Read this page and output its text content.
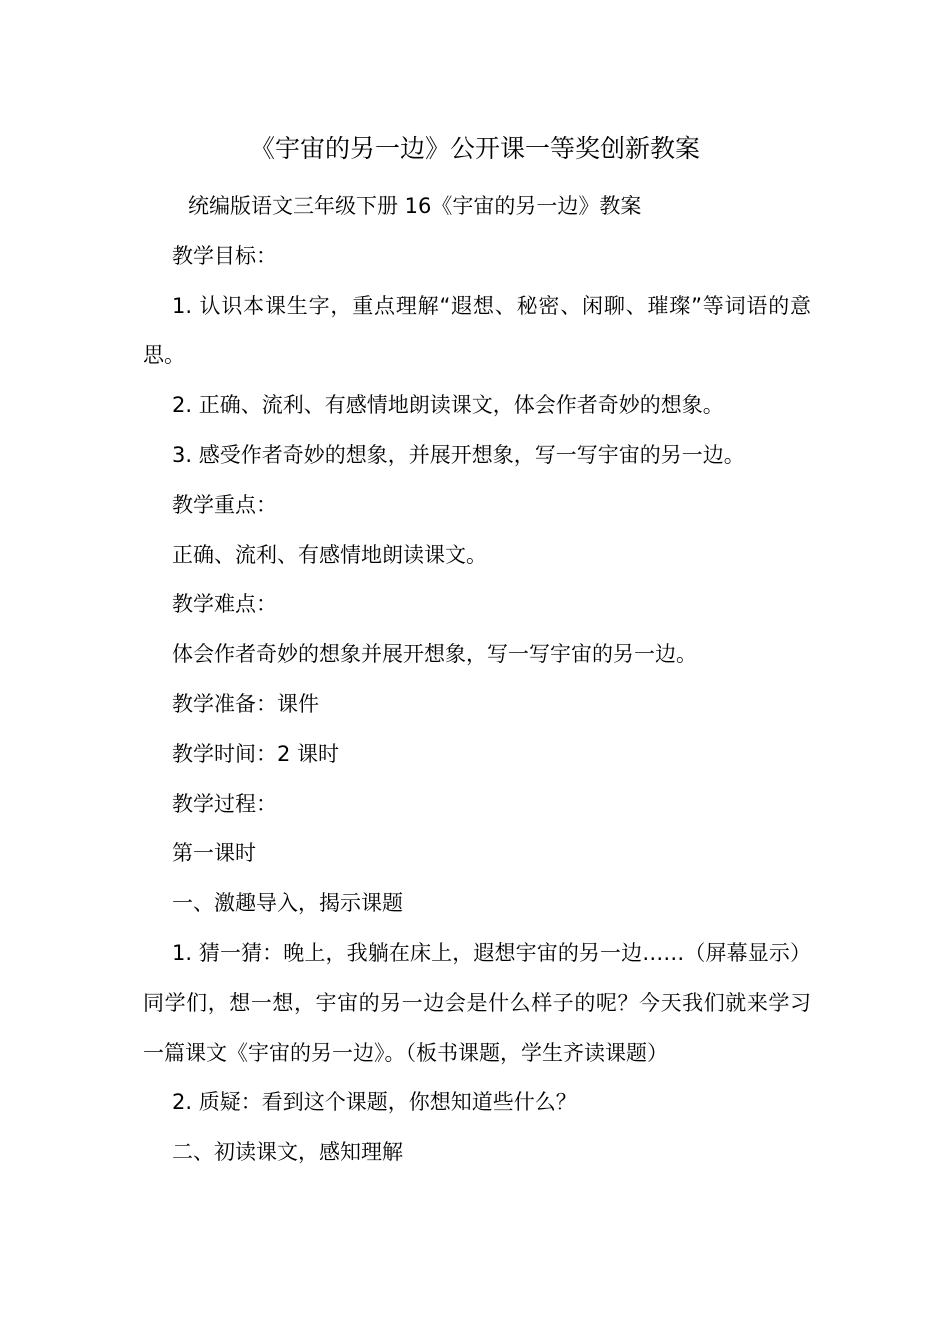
《宇宙的另一边》公开课一等奖创新教案

统编版语文三年级下册 16《宇宙的另一边》教案

教学目标：

1. 认识本课生字，重点理解“遐想、秘密、闲聊、璀璨”等词语的意思。

2. 正确、流利、有感情地朗读课文，体会作者奇妙的想象。

3. 感受作者奇妙的想象，并展开想象，写一写宇宙的另一边。

教学重点：

正确、流利、有感情地朗读课文。

教学难点：

体会作者奇妙的想象并展开想象，写一写宇宙的另一边。

教学准备：课件

教学时间：2 课时

教学过程：

第一课时

一、激趣导入，揭示课题

1. 猜一猜：晚上，我躺在床上，遐想宇宙的另一边……（屏幕显示）同学们，想一想，宇宙的另一边会是什么样子的呢？今天我们就来学习一篇课文《宇宙的另一边》。（板书课题，学生齐读课题）

2. 质疑：看到这个课题，你想知道些什么？

二、初读课文，感知理解
